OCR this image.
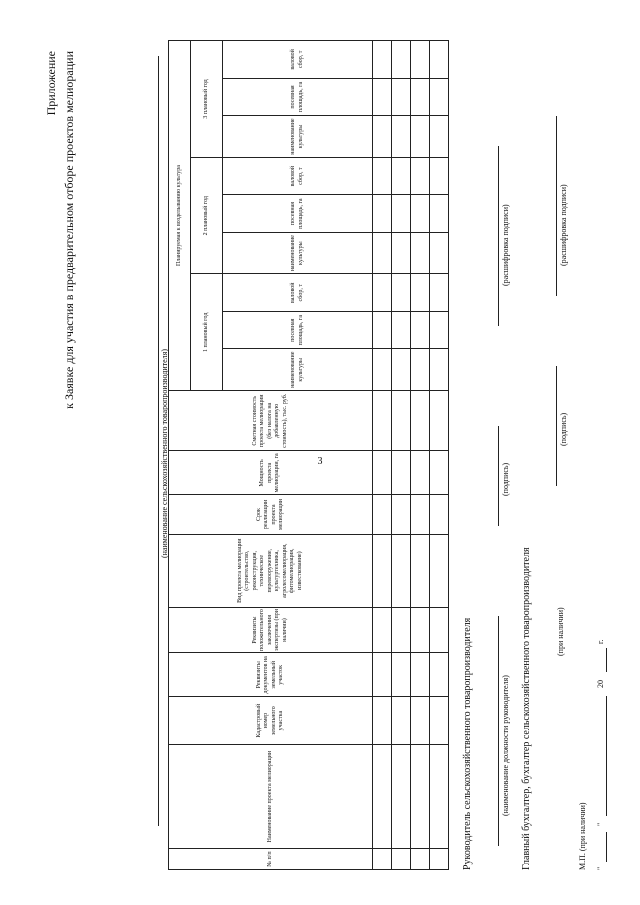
3
Приложение к Заявке для участия в предварительном отборе проектов мелиорации
(наименование сельскохозяйственного товаропроизводителя)
№ п/п	Наименование проекта мелиорации	Кадастровый номер земельного участка	Реквизиты документов на земельный участок	Реквизиты положительного заключения экспертизы (при наличии)	Вид проекта мелиорации (строительство, реконструкция, техническое перевооружение, культуртехника, агролесомелиорация, фитомелиорация, известкование)	Срок реализации проекта мелиорации	Мощность проекта мелиорации, га	Сметная стоимость проекта мелиорации (без налога на добавленную стоимость), тыс. руб.	Планируемая к возделыванию культура								
									1 плановый год			2 плановый год			3 плановый год		
									наименование культуры	посевная площадь, га	валовой сбор, т	наименование культуры	посевная площадь, га	валовой сбор, т	наименование культуры	посевная площадь, га	валовой сбор, т

Руководитель сельскохозяйственного товаропроизводителя	(наименование должности руководителя)
(подпись)
(расшифровка подписи)
Главный бухгалтер, бухгалтер сельскохозяйственного товаропроизводителя	(при наличии)
(подпись)
(расшифровка подписи)
М.П. (при наличии) "
"
20
г.
